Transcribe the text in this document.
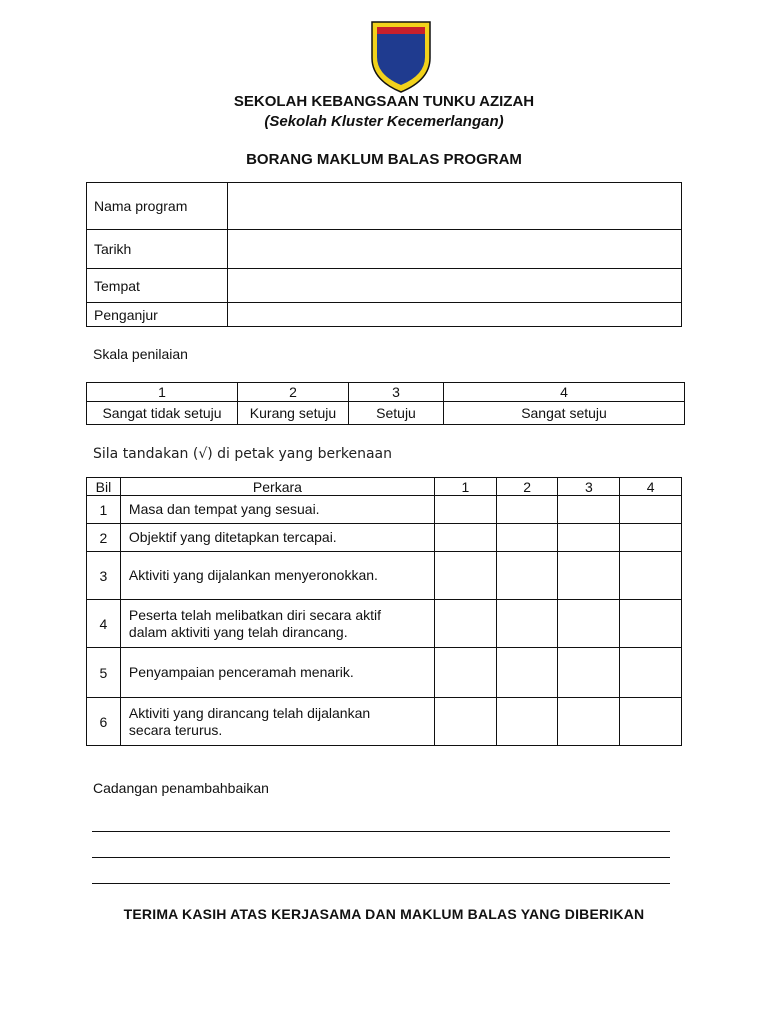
SEKOLAH KEBANGSAAN TUNKU AZIZAH
(Sekolah Kluster Kecemerlangan)
BORANG MAKLUM BALAS PROGRAM
Nama program	
Tarikh	
Tempat	
Penganjur	
Skala penilaian
1	2	3	4
Sangat tidak setuju	Kurang setuju	Setuju	Sangat setuju
Sila tandakan (√) di petak yang berkenaan
Bil	Perkara	1	2	3	4
1	Masa dan tempat yang sesuai.				
2	Objektif yang ditetapkan tercapai.				
3	Aktiviti yang dijalankan menyeronokkan.				
4	Peserta telah melibatkan diri secara aktif
dalam aktiviti yang telah dirancang.				
5	Penyampaian penceramah menarik.				
6	Aktiviti yang dirancang telah dijalankan
secara terurus.				
Cadangan penambahbaikan
TERIMA KASIH ATAS KERJASAMA DAN MAKLUM BALAS YANG DIBERIKAN
